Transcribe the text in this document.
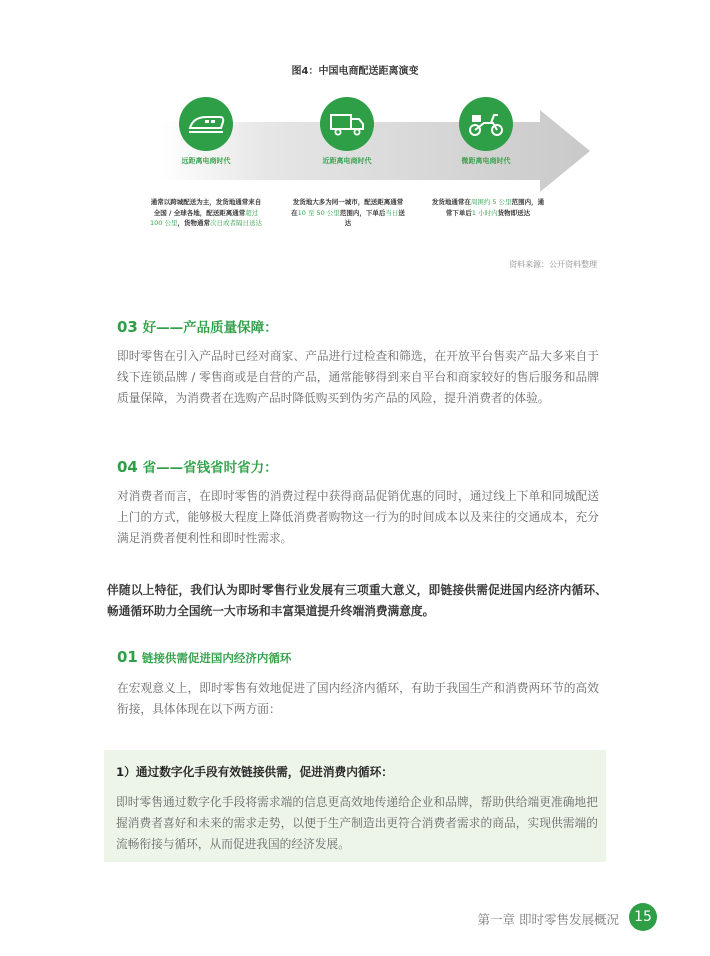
图4：中国电商配送距离演变
远距离电商时代	近距离电商时代	微距离电商时代
通常以跨城配送为主，发货地通常来自全国 / 全球各地，配送距离通常超过 100 公里，货物通常次日或者隔日送达
发货地大多为同一城市，配送距离通常在10 至 50 公里范围内，下单后当日送达
发货地通常在周围约 5 公里范围内，通常下单后1 小时内货物即送达
资料来源：公开资料整理
03 好——产品质量保障：
即时零售在引入产品时已经对商家、产品进行过检查和筛选，在开放平台售卖产品大多来自于线下连锁品牌 / 零售商或是自营的产品，通常能够得到来自平台和商家较好的售后服务和品牌质量保障，为消费者在选购产品时降低购买到伪劣产品的风险，提升消费者的体验。
04 省——省钱省时省力：
对消费者而言，在即时零售的消费过程中获得商品促销优惠的同时，通过线上下单和同城配送上门的方式，能够极大程度上降低消费者购物这一行为的时间成本以及来往的交通成本，充分满足消费者便利性和即时性需求。
伴随以上特征，我们认为即时零售行业发展有三项重大意义，即链接供需促进国内经济内循环、畅通循环助力全国统一大市场和丰富渠道提升终端消费满意度。
01 链接供需促进国内经济内循环
在宏观意义上，即时零售有效地促进了国内经济内循环，有助于我国生产和消费两环节的高效衔接，具体体现在以下两方面：
1）通过数字化手段有效链接供需，促进消费内循环：
即时零售通过数字化手段将需求端的信息更高效地传递给企业和品牌，帮助供给端更准确地把握消费者喜好和未来的需求走势，以便于生产制造出更符合消费者需求的商品，实现供需端的流畅衔接与循环，从而促进我国的经济发展。
第一章 即时零售发展概况	15
